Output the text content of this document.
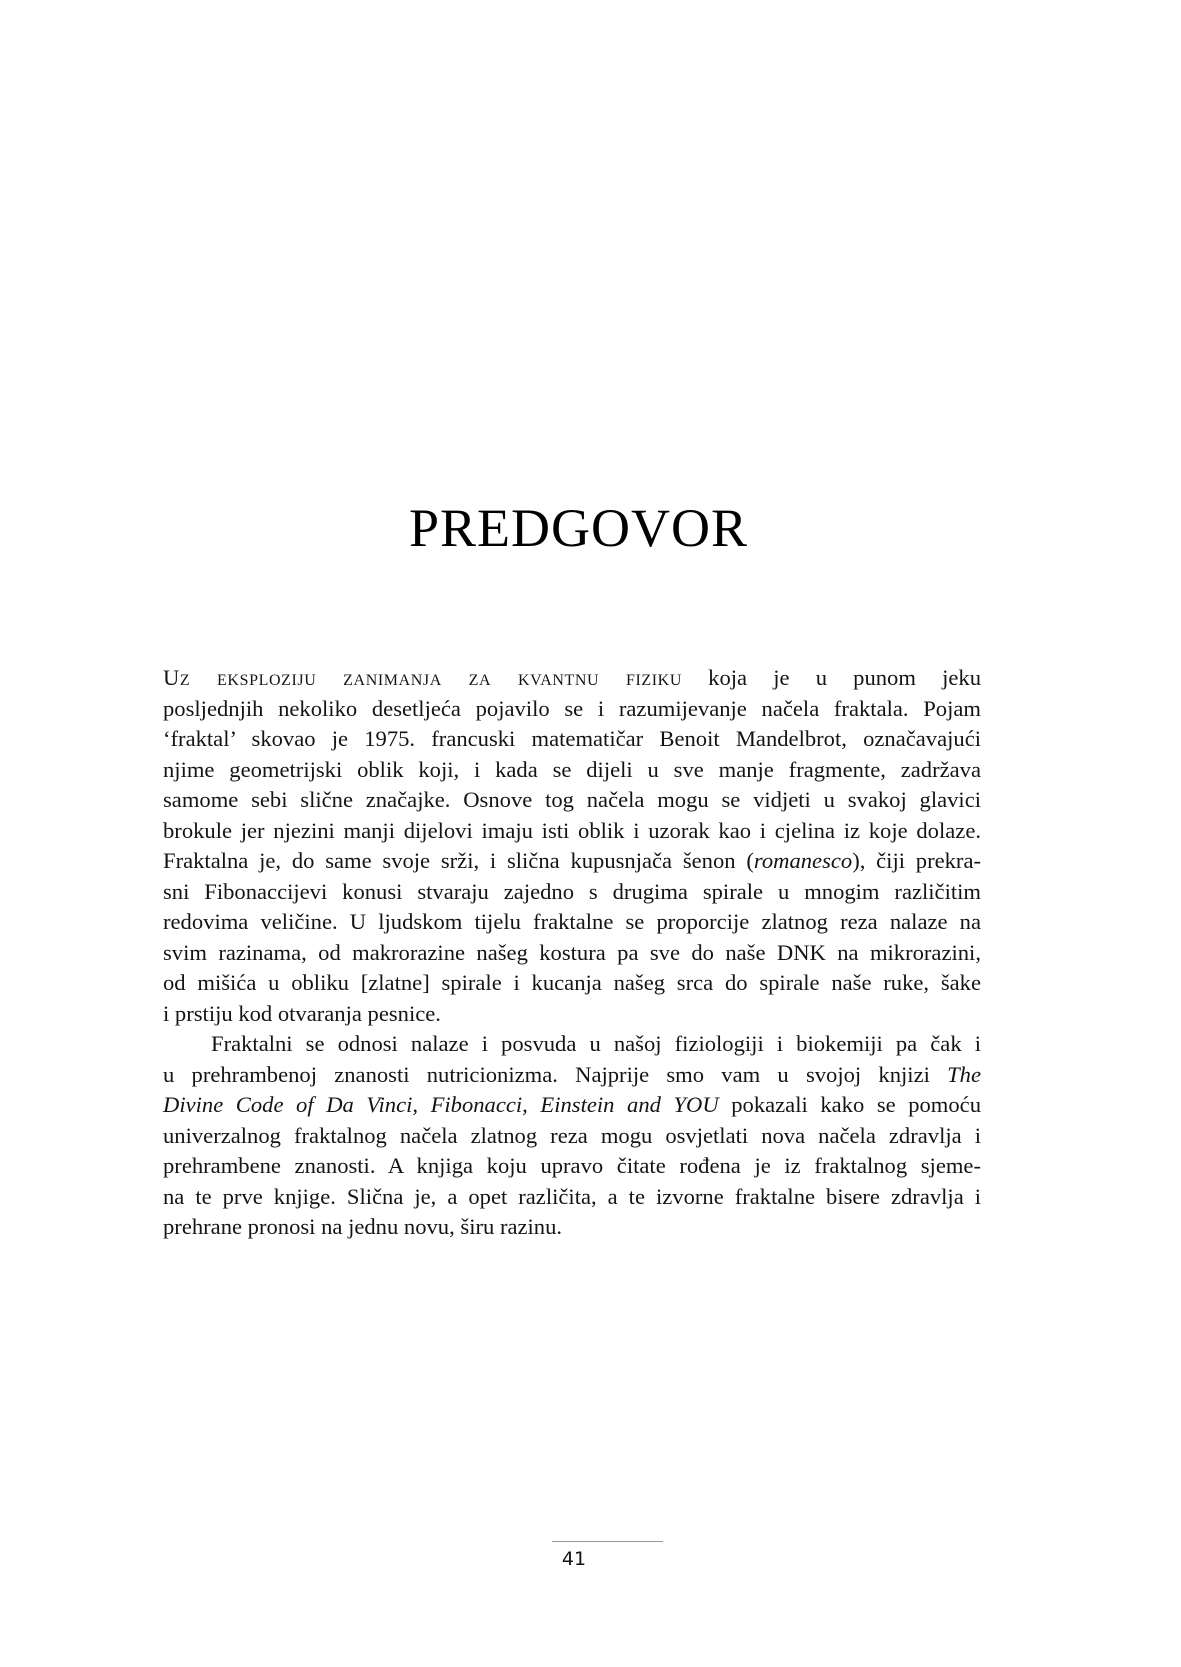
PREDGOVOR
Uz eksploziju zanimanja za kvantnu fiziku koja je u punom jeku
posljednjih nekoliko desetljeća pojavilo se i razumijevanje načela fraktala. Pojam
‘fraktal’ skovao je 1975. francuski matematičar Benoit Mandelbrot, označavajući
njime geometrijski oblik koji, i kada se dijeli u sve manje fragmente, zadržava
samome sebi slične značajke. Osnove tog načela mogu se vidjeti u svakoj glavici
brokule jer njezini manji dijelovi imaju isti oblik i uzorak kao i cjelina iz koje dolaze.
Fraktalna je, do same svoje srži, i slična kupusnjača šenon (romanesco), čiji prekra-
sni Fibonaccijevi konusi stvaraju zajedno s drugima spirale u mnogim različitim
redovima veličine. U ljudskom tijelu fraktalne se proporcije zlatnog reza nalaze na
svim razinama, od makrorazine našeg kostura pa sve do naše DNK na mikrorazini,
od mišića u obliku [zlatne] spirale i kucanja našeg srca do spirale naše ruke, šake
i prstiju kod otvaranja pesnice.
Fraktalni se odnosi nalaze i posvuda u našoj fiziologiji i biokemiji pa čak i
u prehrambenoj znanosti nutricionizma. Najprije smo vam u svojoj knjizi The
Divine Code of Da Vinci, Fibonacci, Einstein and YOU pokazali kako se pomoću
univerzalnog fraktalnog načela zlatnog reza mogu osvjetlati nova načela zdravlja i
prehrambene znanosti. A knjiga koju upravo čitate rođena je iz fraktalnog sjeme-
na te prve knjige. Slična je, a opet različita, a te izvorne fraktalne bisere zdravlja i
prehrane pronosi na jednu novu, širu razinu.
41
